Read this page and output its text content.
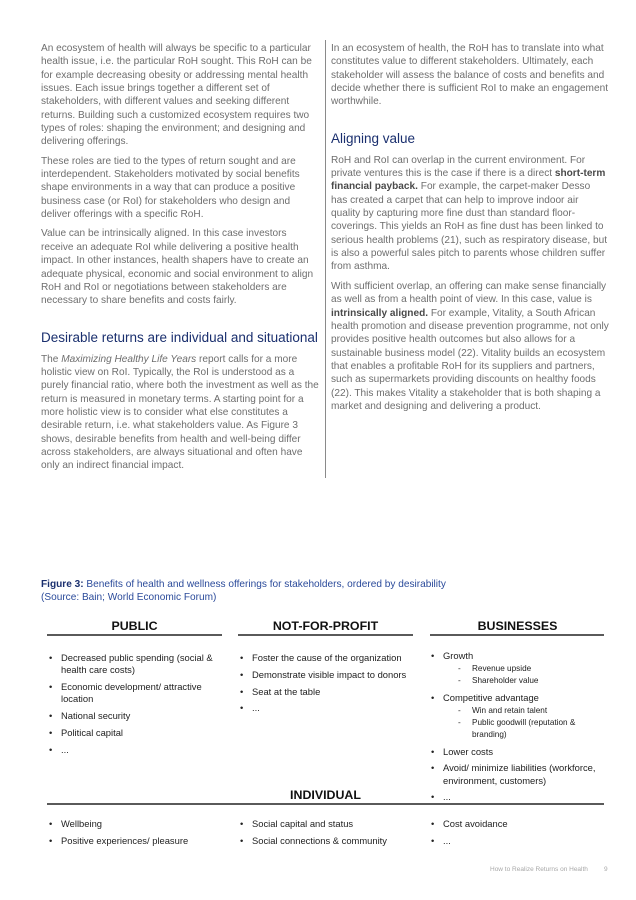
An ecosystem of health will always be specific to a particular health issue, i.e. the particular RoH sought. This RoH can be for example decreasing obesity or addressing mental health issues. Each issue brings together a different set of stakeholders, with different values and seeking different returns. Building such a customized ecosystem requires two types of roles: shaping the environment; and designing and delivering offerings.

These roles are tied to the types of return sought and are interdependent. Stakeholders motivated by social benefits shape environments in a way that can produce a positive business case (or RoI) for stakeholders who design and deliver offerings with a specific RoH.

Value can be intrinsically aligned. In this case investors receive an adequate RoI while delivering a positive health impact. In other instances, health shapers have to create an adequate physical, economic and social environment to align RoH and RoI or negotiations between stakeholders are necessary to share benefits and costs fairly.

Desirable returns are individual and situational

The Maximizing Healthy Life Years report calls for a more holistic view on RoI. Typically, the RoI is understood as a purely financial ratio, where both the investment as well as the return is measured in monetary terms. A starting point for a more holistic view is to consider what else constitutes a desirable return, i.e. what stakeholders value. As Figure 3 shows, desirable benefits from health and well-being differ across stakeholders, are always situational and often have only an indirect financial impact.

In an ecosystem of health, the RoH has to translate into what constitutes value to different stakeholders. Ultimately, each stakeholder will assess the balance of costs and benefits and decide whether there is sufficient RoI to make an engagement worthwhile.

Aligning value

RoH and RoI can overlap in the current environment. For private ventures this is the case if there is a direct short-term financial payback. For example, the carpet-maker Desso has created a carpet that can help to improve indoor air quality by capturing more fine dust than standard floor-coverings. This yields an RoH as fine dust has been linked to serious health problems (21), such as respiratory disease, but is also a powerful sales pitch to parents whose children suffer from asthma.

With sufficient overlap, an offering can make sense financially as well as from a health point of view. In this case, value is intrinsically aligned. For example, Vitality, a South African health promotion and disease prevention programme, not only provides positive health outcomes but also allows for a sustainable business model (22). Vitality builds an ecosystem that enables a profitable RoH for its suppliers and partners, such as supermarkets providing discounts on healthy foods (22). This makes Vitality a stakeholder that is both shaping a market and designing and delivering a product.

Figure 3: Benefits of health and wellness offerings for stakeholders, ordered by desirability
(Source: Bain; World Economic Forum)
PUBLIC	NOT-FOR-PROFIT	BUSINESSES
• Decreased public spending (social & health care costs)
• Economic development/ attractive location
• National security
• Political capital
• ...
• Foster the cause of the organization
• Demonstrate visible impact to donors
• Seat at the table
• ...
• Growth
- Revenue upside
- Shareholder value
• Competitive advantage
- Win and retain talent
- Public goodwill (reputation & branding)
• Lower costs
• Avoid/ minimize liabilities (workforce, environment, customers)
• ...
INDIVIDUAL
• Wellbeing
• Positive experiences/ pleasure
• Social capital and status
• Social connections & community
• Cost avoidance
• ...
How to Realize Returns on Health 9
